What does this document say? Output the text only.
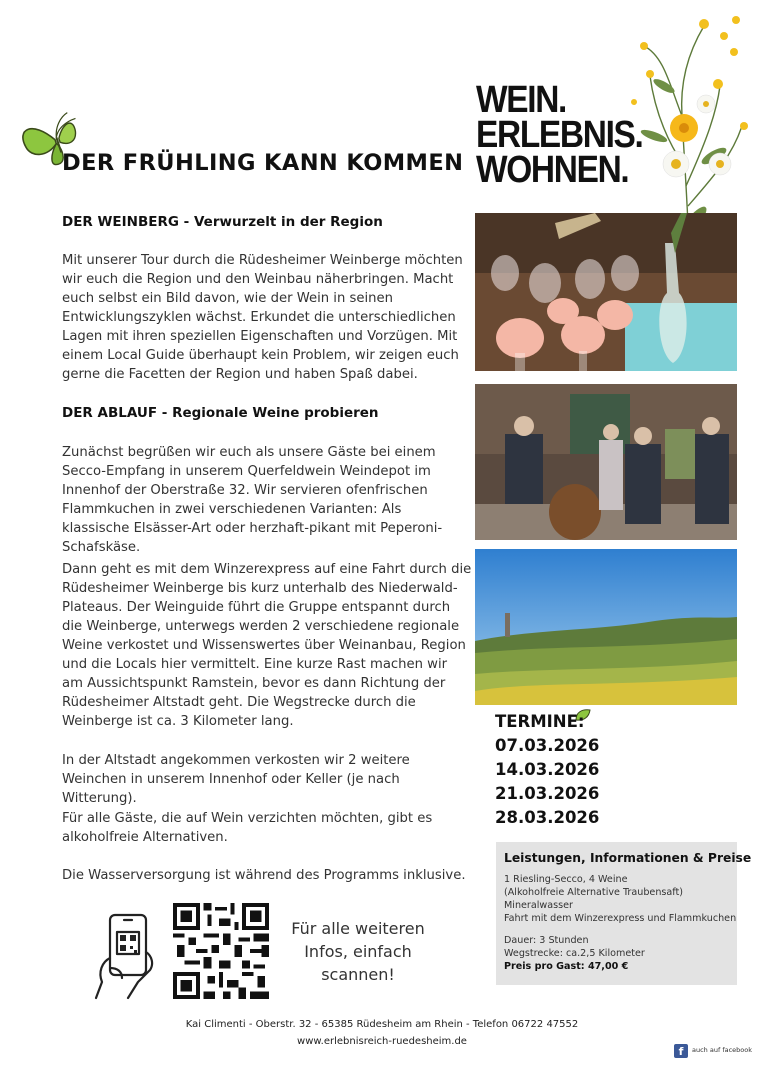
DER FRÜHLING KANN KOMMEN

WEIN.

ERLEBNIS.

WOHNEN.

DER WEINBERG - Verwurzelt in der Region

Mit unserer Tour durch die Rüdesheimer Weinberge möchten wir euch die Region und den Weinbau näherbringen. Macht euch selbst ein Bild davon, wie der Wein in seinen Entwicklungszyklen wächst. Erkundet die unterschiedlichen Lagen mit ihren speziellen Eigenschaften und Vorzügen. Mit einem Local Guide überhaupt kein Problem, wir zeigen euch gerne die Facetten der Region und haben Spaß dabei.

DER ABLAUF - Regionale Weine probieren

Zunächst begrüßen wir euch als unsere Gäste bei einem Secco-Empfang in unserem Querfeldwein Weindepot im Innenhof der Oberstraße 32. Wir servieren ofenfrischen Flammkuchen in zwei verschiedenen Varianten: Als klassische Elsässer-Art oder herzhaft-pikant mit Peperoni-Schafskäse.

Dann geht es mit dem Winzerexpress auf eine Fahrt durch die Rüdesheimer Weinberge bis kurz unterhalb des Niederwald-Plateaus. Der Weinguide führt die Gruppe entspannt durch die Weinberge, unterwegs werden 2 verschiedene regionale Weine verkostet und Wissenswertes über Weinanbau, Region und die Locals hier vermittelt. Eine kurze Rast machen wir am Aussichtspunkt Ramstein, bevor es dann Richtung der Rüdesheimer Altstadt geht. Die Wegstrecke durch die Weinberge ist ca. 3 Kilometer lang.

In der Altstadt angekommen verkosten wir 2 weitere Weinchen in unserem Innenhof oder Keller (je nach Witterung).

Für alle Gäste, die auf Wein verzichten möchten, gibt es alkoholfreie Alternativen.

Die Wasserversorgung ist während des Programms inklusive.

TERMINE:

07.03.2026

14.03.2026

21.03.2026

28.03.2026

Leistungen, Informationen & Preise

1 Riesling-Secco, 4 Weine

(Alkoholfreie Alternative Traubensaft)

Mineralwasser

Fahrt mit dem Winzerexpress und Flammkuchen

Dauer: 3 Stunden

Wegstrecke: ca.2,5 Kilometer

Preis pro Gast: 47,00 €

Für alle weiteren
Infos, einfach
scannen!

Kai Climenti - Oberstr. 32 - 65385 Rüdesheim am Rhein - Telefon 06722 47552

www.erlebnisreich-ruedesheim.de

f	auch auf facebook
